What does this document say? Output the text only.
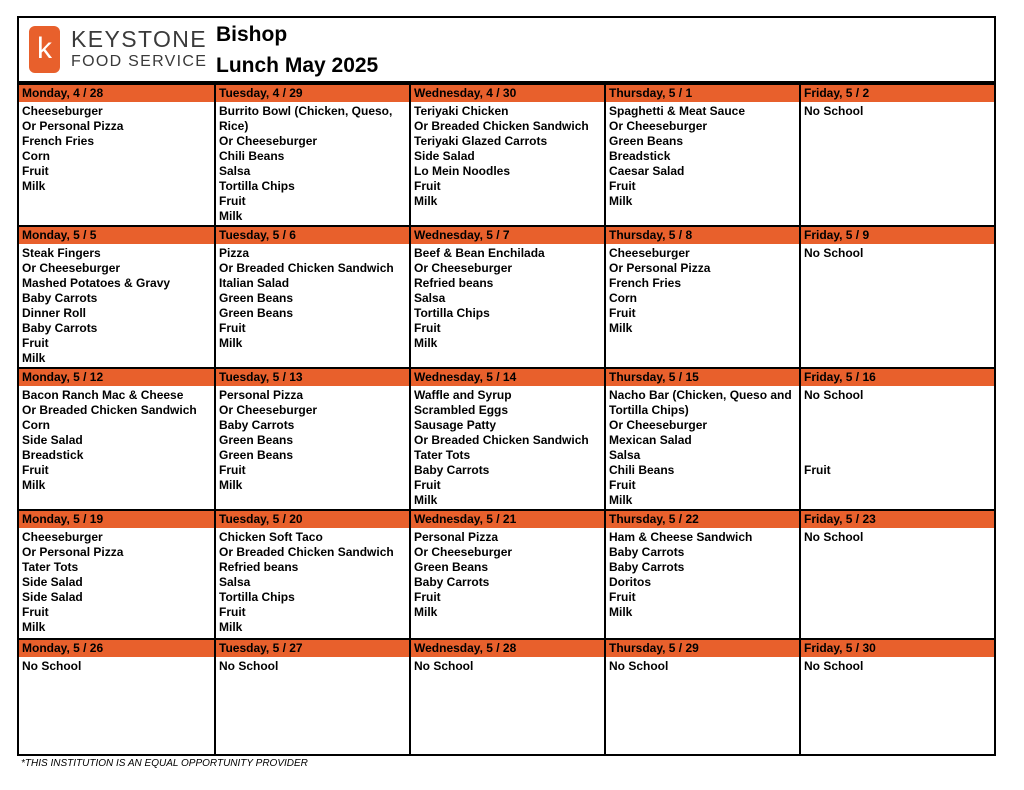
k KEYSTONE
FOOD SERVICE
Bishop
Lunch May 2025
Monday, 4 / 28
Cheeseburger
Or Personal Pizza
French Fries
Corn
Fruit
Milk
Tuesday, 4 / 29
Burrito Bowl (Chicken, Queso, Rice)
Or Cheeseburger
Chili Beans
Salsa
Tortilla Chips
Fruit
Milk
Wednesday, 4 / 30
Teriyaki Chicken
Or Breaded Chicken Sandwich
Teriyaki Glazed Carrots
Side Salad
Lo Mein Noodles
Fruit
Milk
Thursday, 5 / 1
Spaghetti & Meat Sauce
Or Cheeseburger
Green Beans
Breadstick
Caesar Salad
Fruit
Milk
Friday, 5 / 2
No School
Monday, 5 / 5
Steak Fingers
Or Cheeseburger
Mashed Potatoes & Gravy
Baby Carrots
Dinner Roll
Baby Carrots
Fruit
Milk
Tuesday, 5 / 6
Pizza
Or Breaded Chicken Sandwich
Italian Salad
Green Beans
Green Beans
Fruit
Milk
Wednesday, 5 / 7
Beef & Bean Enchilada
Or Cheeseburger
Refried beans
Salsa
Tortilla Chips
Fruit
Milk
Thursday, 5 / 8
Cheeseburger
Or Personal Pizza
French Fries
Corn
Fruit
Milk
Friday, 5 / 9
No School
Monday, 5 / 12
Bacon Ranch Mac & Cheese
Or Breaded Chicken Sandwich
Corn
Side Salad
Breadstick
Fruit
Milk
Tuesday, 5 / 13
Personal Pizza
Or Cheeseburger
Baby Carrots
Green Beans
Green Beans
Fruit
Milk
Wednesday, 5 / 14
Waffle and Syrup
Scrambled Eggs
Sausage Patty
Or Breaded Chicken Sandwich
Tater Tots
Baby Carrots
Fruit
Milk
Thursday, 5 / 15
Nacho Bar (Chicken, Queso and Tortilla Chips)
Or Cheeseburger
Mexican Salad
Salsa
Chili Beans
Fruit
Milk
Friday, 5 / 16
No School

Fruit
Monday, 5 / 19
Cheeseburger
Or Personal Pizza
Tater Tots
Side Salad
Side Salad
Fruit
Milk
Tuesday, 5 / 20
Chicken Soft Taco
Or Breaded Chicken Sandwich
Refried beans
Salsa
Tortilla Chips
Fruit
Milk
Wednesday, 5 / 21
Personal Pizza
Or Cheeseburger
Green Beans
Baby Carrots
Fruit
Milk
Thursday, 5 / 22
Ham & Cheese Sandwich
Baby Carrots
Baby Carrots
Doritos
Fruit
Milk
Friday, 5 / 23
No School
Monday, 5 / 26
No School
Tuesday, 5 / 27
No School
Wednesday, 5 / 28
No School
Thursday, 5 / 29
No School
Friday, 5 / 30
No School
*THIS INSTITUTION IS AN EQUAL OPPORTUNITY PROVIDER
